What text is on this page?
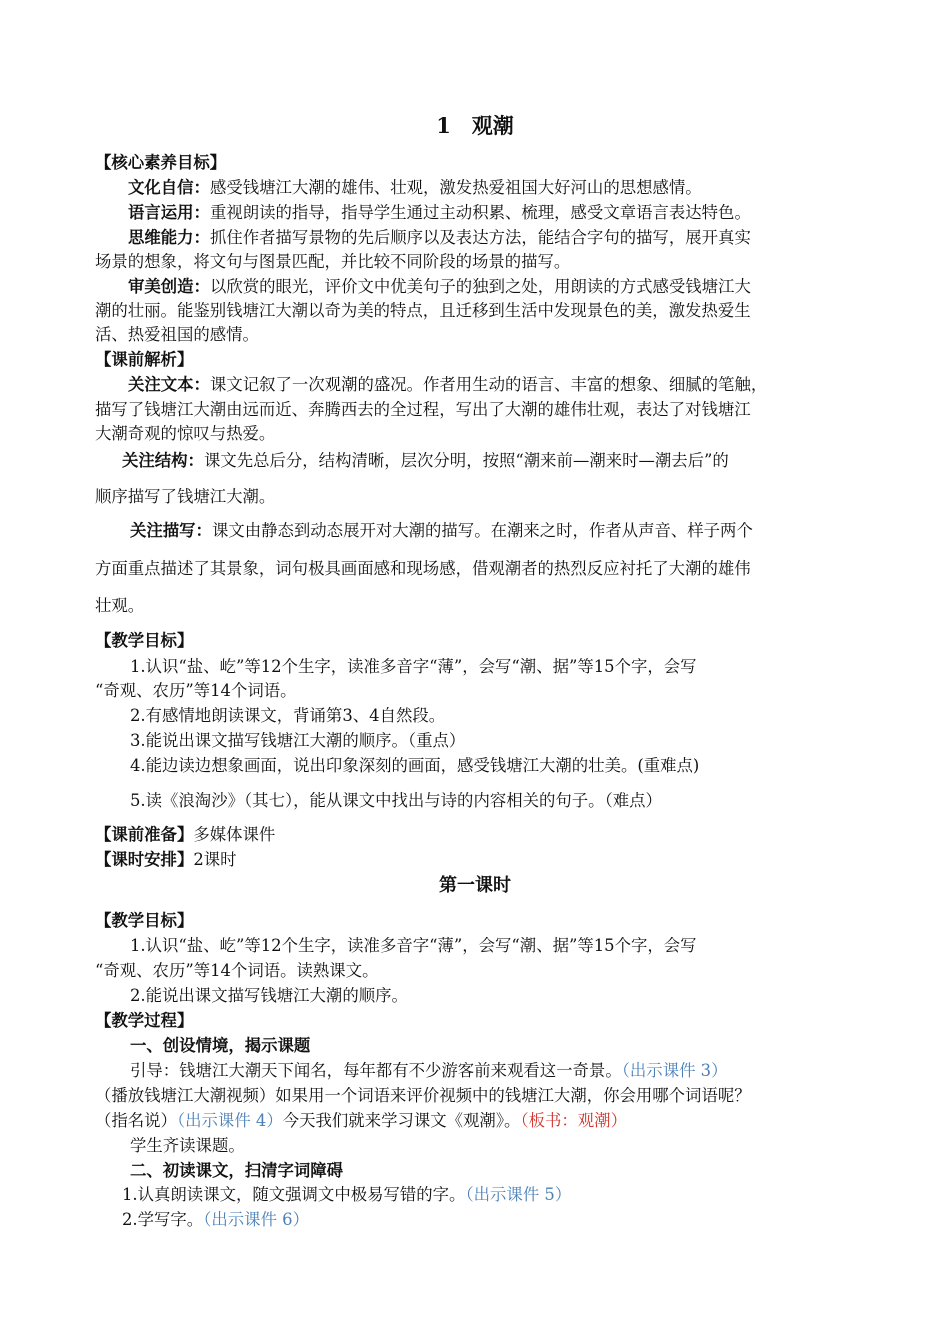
1　观潮
【核心素养目标】
文化自信：感受钱塘江大潮的雄伟、壮观，激发热爱祖国大好河山的思想感情。
语言运用：重视朗读的指导，指导学生通过主动积累、梳理，感受文章语言表达特色。
思维能力：抓住作者描写景物的先后顺序以及表达方法，能结合字句的描写，展开真实
场景的想象，将文句与图景匹配，并比较不同阶段的场景的描写。
审美创造：以欣赏的眼光，评价文中优美句子的独到之处，用朗读的方式感受钱塘江大
潮的壮丽。能鉴别钱塘江大潮以奇为美的特点，且迁移到生活中发现景色的美，激发热爱生
活、热爱祖国的感情。
【课前解析】
关注文本：课文记叙了一次观潮的盛况。作者用生动的语言、丰富的想象、细腻的笔触，
描写了钱塘江大潮由远而近、奔腾西去的全过程，写出了大潮的雄伟壮观，表达了对钱塘江
大潮奇观的惊叹与热爱。
关注结构：课文先总后分，结构清晰，层次分明，按照“潮来前—潮来时—潮去后”的
顺序描写了钱塘江大潮。
关注描写：课文由静态到动态展开对大潮的描写。在潮来之时，作者从声音、样子两个
方面重点描述了其景象，词句极具画面感和现场感，借观潮者的热烈反应衬托了大潮的雄伟
壮观。
【教学目标】
1.认识“盐、屹”等12个生字，读准多音字“薄”，会写“潮、据”等15个字，会写
“奇观、农历”等14个词语。
2.有感情地朗读课文，背诵第3、4自然段。
3.能说出课文描写钱塘江大潮的顺序。（重点）
4.能边读边想象画面，说出印象深刻的画面，感受钱塘江大潮的壮美。(重难点)
5.读《浪淘沙》（其七），能从课文中找出与诗的内容相关的句子。（难点）
【课前准备】多媒体课件
【课时安排】2课时
第一课时
【教学目标】
1.认识“盐、屹”等12个生字，读准多音字“薄”，会写“潮、据”等15个字，会写
“奇观、农历”等14个词语。读熟课文。
2.能说出课文描写钱塘江大潮的顺序。
【教学过程】
一、创设情境，揭示课题
引导：钱塘江大潮天下闻名，每年都有不少游客前来观看这一奇景。（出示课件 3）
（播放钱塘江大潮视频）如果用一个词语来评价视频中的钱塘江大潮，你会用哪个词语呢？
（指名说）（出示课件 4）今天我们就来学习课文《观潮》。（板书：观潮）
学生齐读课题。
二、初读课文，扫清字词障碍
1.认真朗读课文，随文强调文中极易写错的字。（出示课件 5）
2.学写字。（出示课件 6）
